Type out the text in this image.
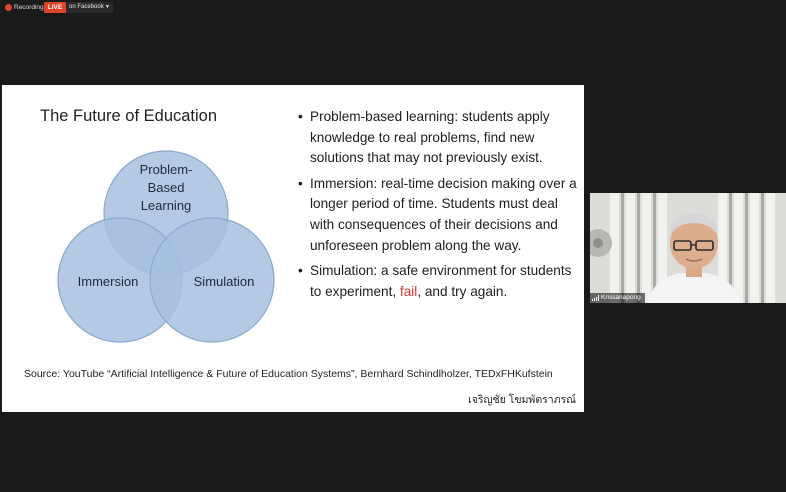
Recording LIVE	on Facebook ▼
The Future of Education
Problem-
Based
Learning
Immersion	Simulation
• Problem-based learning: students apply knowledge to real problems, find new solutions that may not previously exist.
• Immersion: real-time decision making over a longer period of time. Students must deal with consequences of their decisions and unforeseen problem along the way.
• Simulation: a safe environment for students to experiment, fail, and try again.
Source: YouTube “Artificial Intelligence & Future of Education Systems”, Bernhard Schindlholzer, TEDxFHKufstein
เจริญชัย โขมพัตราภรณ์
Krissanapong
